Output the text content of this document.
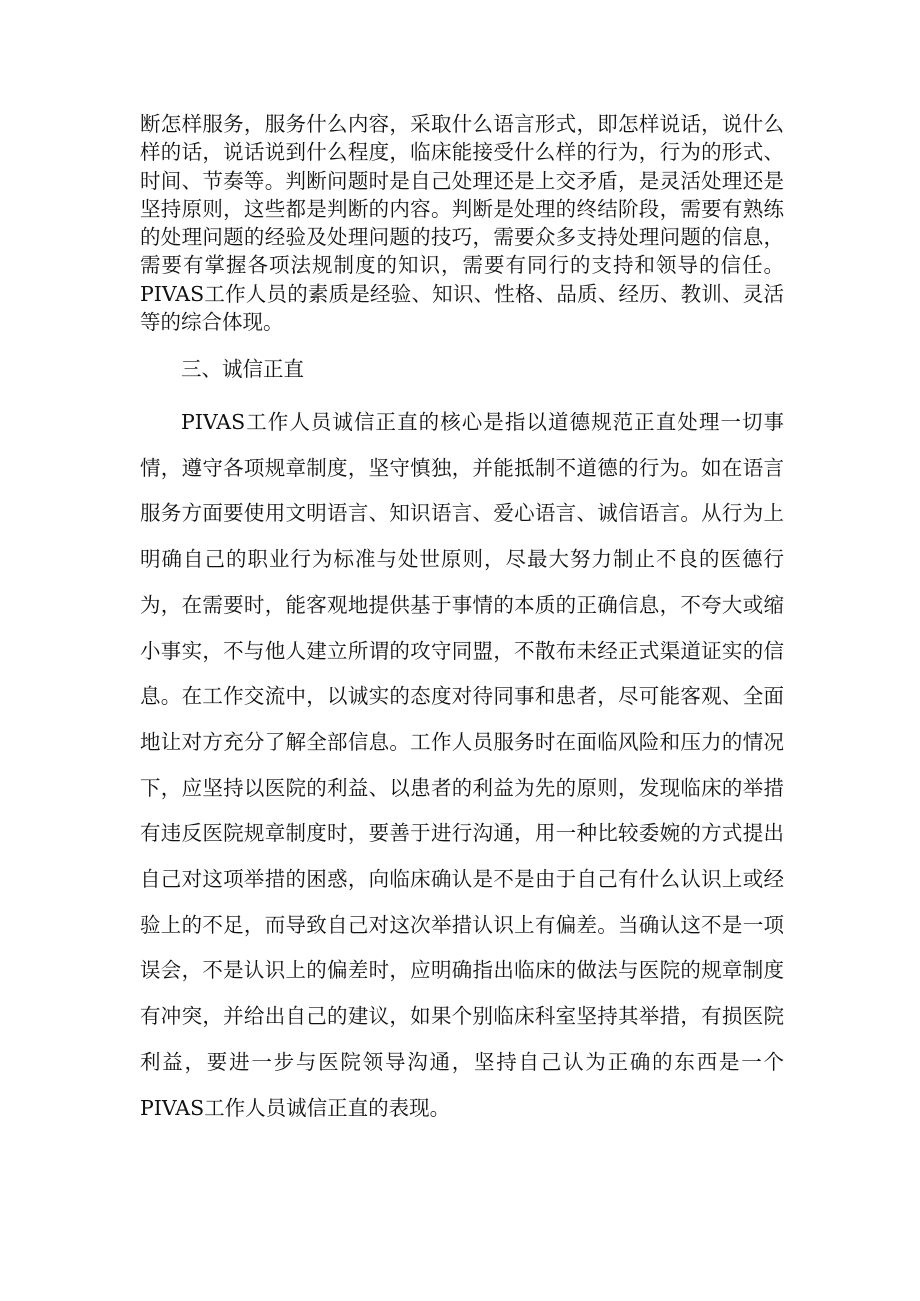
断怎样服务，服务什么内容，采取什么语言形式，即怎样说话，说什么样的话，说话说到什么程度，临床能接受什么样的行为，行为的形式、时间、节奏等。判断问题时是自己处理还是上交矛盾，是灵活处理还是坚持原则，这些都是判断的内容。判断是处理的终结阶段，需要有熟练的处理问题的经验及处理问题的技巧，需要众多支持处理问题的信息，需要有掌握各项法规制度的知识，需要有同行的支持和领导的信任。PIVAS工作人员的素质是经验、知识、性格、品质、经历、教训、灵活等的综合体现。

三、诚信正直

PIVAS工作人员诚信正直的核心是指以道德规范正直处理一切事情，遵守各项规章制度，坚守慎独，并能抵制不道德的行为。如在语言服务方面要使用文明语言、知识语言、爱心语言、诚信语言。从行为上明确自己的职业行为标准与处世原则，尽最大努力制止不良的医德行为，在需要时，能客观地提供基于事情的本质的正确信息，不夸大或缩小事实，不与他人建立所谓的攻守同盟，不散布未经正式渠道证实的信息。在工作交流中，以诚实的态度对待同事和患者，尽可能客观、全面地让对方充分了解全部信息。工作人员服务时在面临风险和压力的情况下，应坚持以医院的利益、以患者的利益为先的原则，发现临床的举措有违反医院规章制度时，要善于进行沟通，用一种比较委婉的方式提出自己对这项举措的困惑，向临床确认是不是由于自己有什么认识上或经验上的不足，而导致自己对这次举措认识上有偏差。当确认这不是一项误会，不是认识上的偏差时，应明确指出临床的做法与医院的规章制度有冲突，并给出自己的建议，如果个别临床科室坚持其举措，有损医院利益，要进一步与医院领导沟通，坚持自己认为正确的东西是一个PIVAS工作人员诚信正直的表现。
